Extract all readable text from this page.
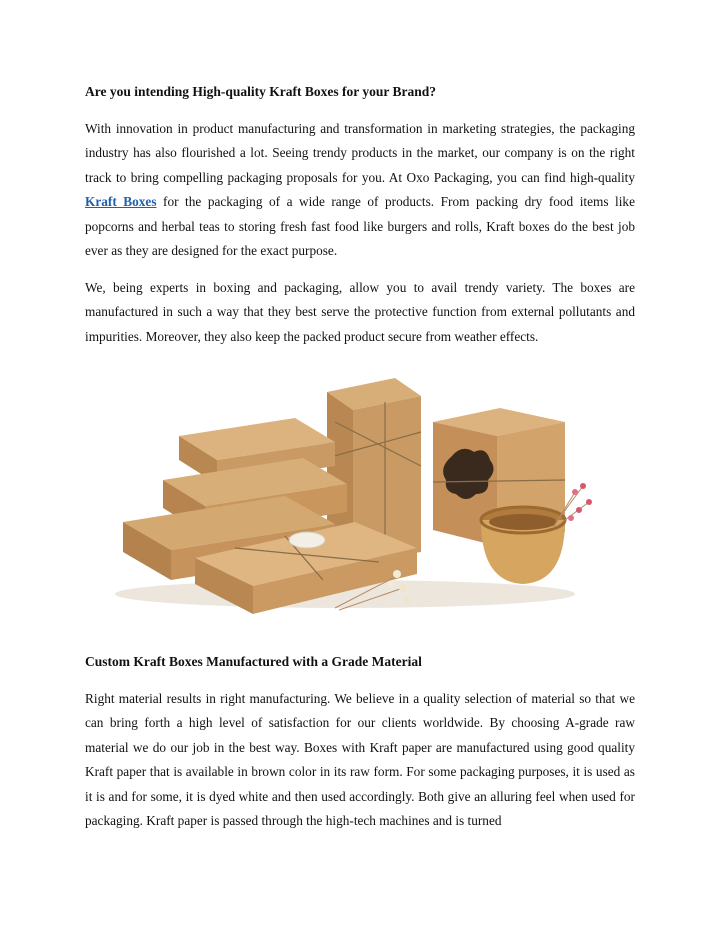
Are you intending High-quality Kraft Boxes for your Brand?

With innovation in product manufacturing and transformation in marketing strategies, the packaging industry has also flourished a lot. Seeing trendy products in the market, our company is on the right track to bring compelling packaging proposals for you. At Oxo Packaging, you can find high-quality Kraft Boxes for the packaging of a wide range of products. From packing dry food items like popcorns and herbal teas to storing fresh fast food like burgers and rolls, Kraft boxes do the best job ever as they are designed for the exact purpose.

We, being experts in boxing and packaging, allow you to avail trendy variety. The boxes are manufactured in such a way that they best serve the protective function from external pollutants and impurities. Moreover, they also keep the packed product secure from weather effects.

Custom Kraft Boxes Manufactured with a Grade Material

Right material results in right manufacturing. We believe in a quality selection of material so that we can bring forth a high level of satisfaction for our clients worldwide. By choosing A-grade raw material we do our job in the best way. Boxes with Kraft paper are manufactured using good quality Kraft paper that is available in brown color in its raw form. For some packaging purposes, it is used as it is and for some, it is dyed white and then used accordingly. Both give an alluring feel when used for packaging. Kraft paper is passed through the high-tech machines and is turned
